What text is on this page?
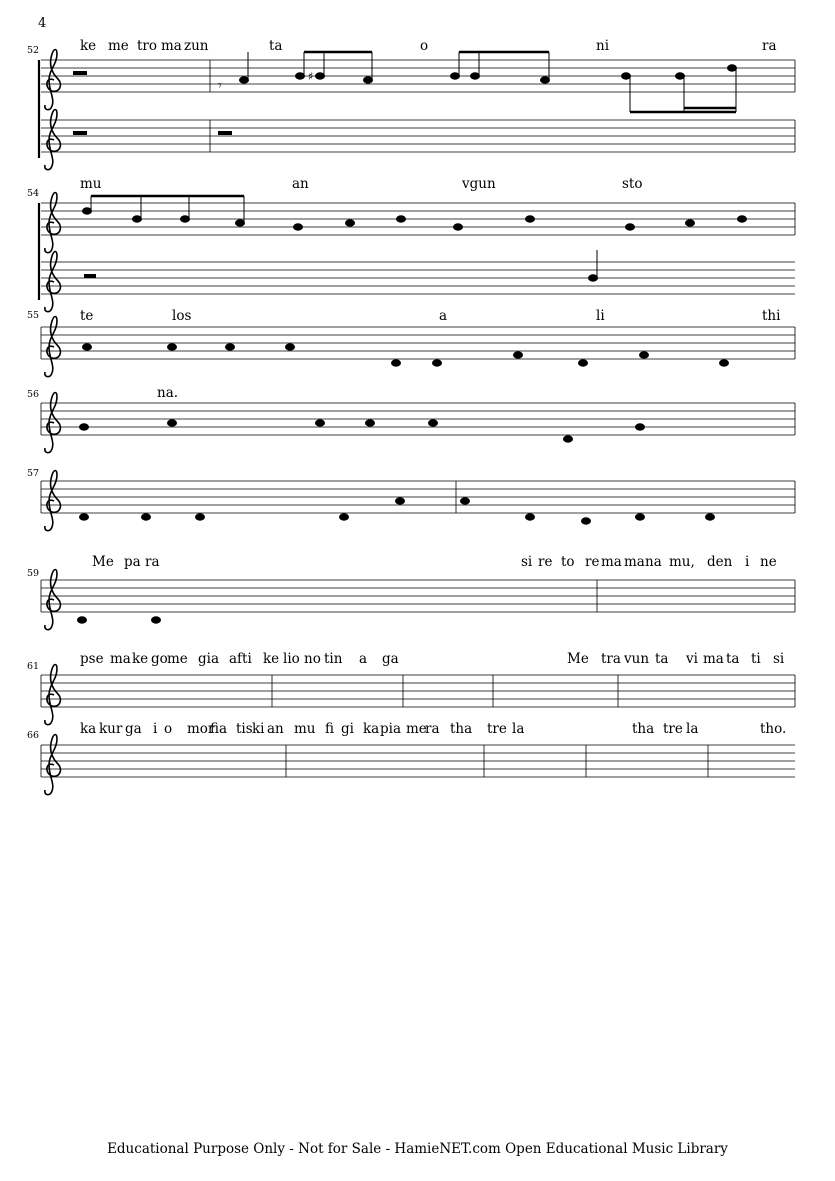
4
52
𝄾
♯
ke me tro ma zun	ta	o	ni	ra
54
mu	an	vgun	sto
55	te	los	a	li	thi
56	na.
57
59
Me pa ra	si re to re ma ma na mu, den i ne
61	pse ma ke go me gia afti ke lio no tin a ga	Me tra vun ta vi ma ta ti si
66	ka kur ga i o mor
fia tis ki an mu fi gi ka pia me
ra tha tre la	tha tre la	tho.
Educational Purpose Only - Not for Sale - HamieNET.com Open Educational Music Library
